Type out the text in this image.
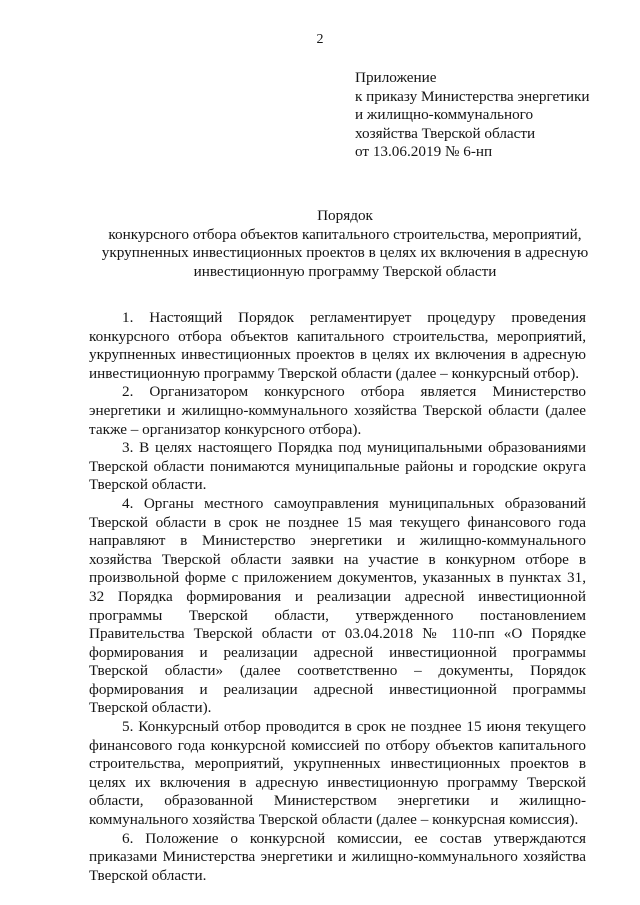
2
Приложение
к приказу Министерства энергетики
и жилищно-коммунального
хозяйства Тверской области
от 13.06.2019 № 6-нп
Порядок
конкурсного отбора объектов капитального строительства, мероприятий,
укрупненных инвестиционных проектов в целях их включения в адресную
инвестиционную программу Тверской области

1. Настоящий Порядок регламентирует процедуру проведения конкурсного отбора объектов капитального строительства, мероприятий, укрупненных инвестиционных проектов в целях их включения в адресную инвестиционную программу Тверской области (далее – конкурсный отбор).

2. Организатором конкурсного отбора является Министерство энергетики и жилищно-коммунального хозяйства Тверской области (далее также – организатор конкурсного отбора).

3. В целях настоящего Порядка под муниципальными образованиями Тверской области понимаются муниципальные районы и городские округа Тверской области.

4. Органы местного самоуправления муниципальных образований Тверской области в срок не позднее 15 мая текущего финансового года направляют в Министерство энергетики и жилищно-коммунального хозяйства Тверской области заявки на участие в конкурном отборе в произвольной форме с приложением документов, указанных в пунктах 31, 32 Порядка формирования и реализации адресной инвестиционной программы Тверской области, утвержденного постановлением Правительства Тверской области от 03.04.2018 № 110-пп «О Порядке формирования и реализации адресной инвестиционной программы Тверской области» (далее соответственно – документы, Порядок формирования и реализации адресной инвестиционной программы Тверской области).

5. Конкурсный отбор проводится в срок не позднее 15 июня текущего финансового года конкурсной комиссией по отбору объектов капитального строительства, мероприятий, укрупненных инвестиционных проектов в целях их включения в адресную инвестиционную программу Тверской области, образованной Министерством энергетики и жилищно-коммунального хозяйства Тверской области (далее – конкурсная комиссия).

6. Положение о конкурсной комиссии, ее состав утверждаются приказами Министерства энергетики и жилищно-коммунального хозяйства Тверской области.
